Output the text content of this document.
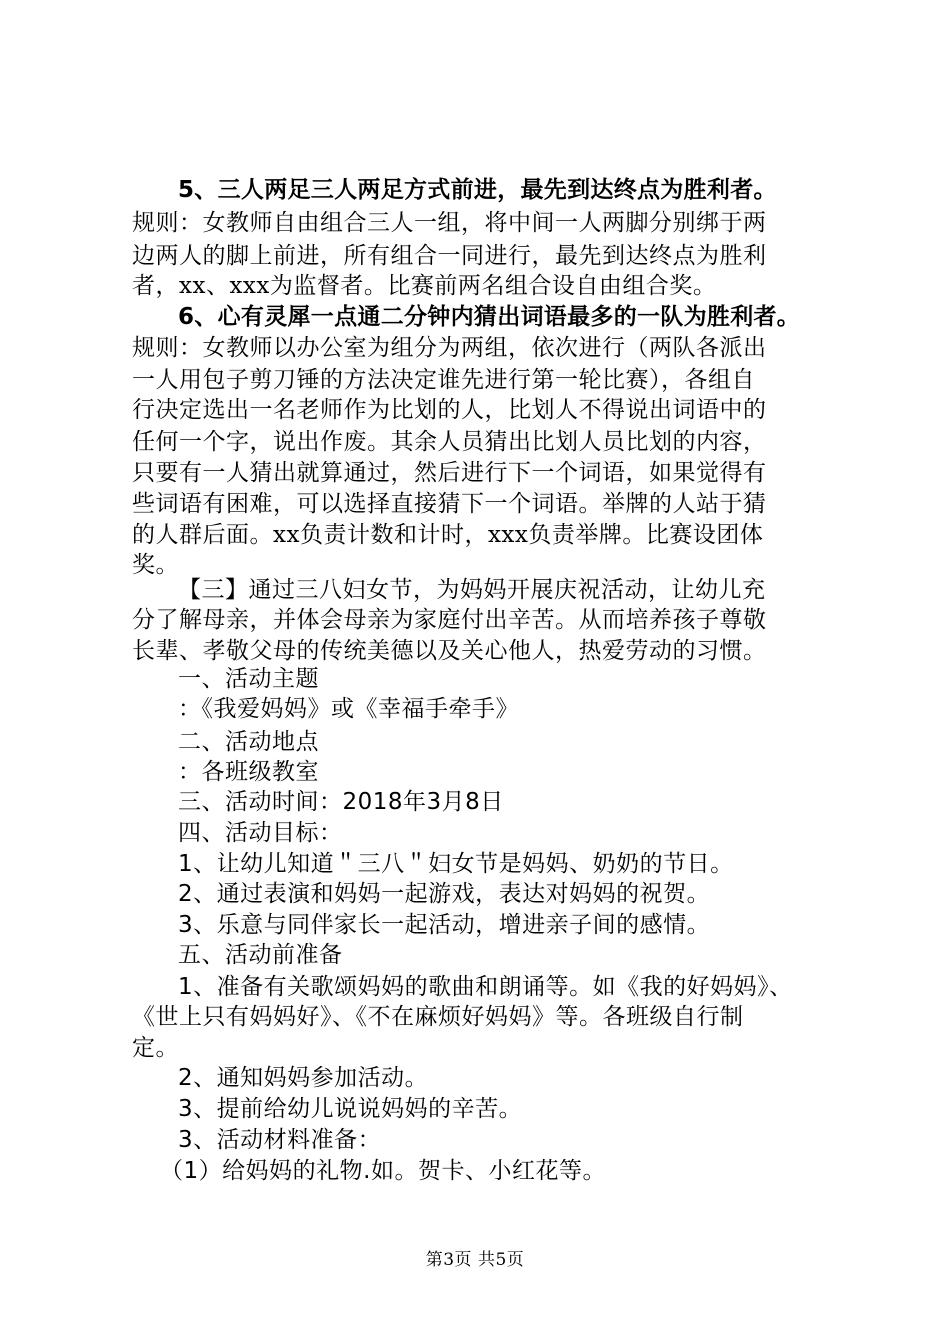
5、三人两足三人两足方式前进，最先到达终点为胜利者。
规则：女教师自由组合三人一组，将中间一人两脚分别绑于两
边两人的脚上前进，所有组合一同进行，最先到达终点为胜利
者，xx、xxx为监督者。比赛前两名组合设自由组合奖。
6、心有灵犀一点通二分钟内猜出词语最多的一队为胜利者。
规则：女教师以办公室为组分为两组，依次进行（两队各派出
一人用包子剪刀锤的方法决定谁先进行第一轮比赛），各组自
行决定选出一名老师作为比划的人，比划人不得说出词语中的
任何一个字，说出作废。其余人员猜出比划人员比划的内容，
只要有一人猜出就算通过，然后进行下一个词语，如果觉得有
些词语有困难，可以选择直接猜下一个词语。举牌的人站于猜
的人群后面。xx负责计数和计时，xxx负责举牌。比赛设团体
奖。
【三】通过三八妇女节，为妈妈开展庆祝活动，让幼儿充
分了解母亲，并体会母亲为家庭付出辛苦。从而培养孩子尊敬
长辈、孝敬父母的传统美德以及关心他人，热爱劳动的习惯。
一、活动主题
：《我爱妈妈》或《幸福手牵手》
二、活动地点
：各班级教室
三、活动时间：2018年3月8日
四、活动目标：
1、让幼儿知道＂三八＂妇女节是妈妈、奶奶的节日。
2、通过表演和妈妈一起游戏，表达对妈妈的祝贺。
3、乐意与同伴家长一起活动，增进亲子间的感情。
五、活动前准备
1、准备有关歌颂妈妈的歌曲和朗诵等。如《我的好妈妈》、
《世上只有妈妈好》、《不在麻烦好妈妈》等。各班级自行制
定。
2、通知妈妈参加活动。
3、提前给幼儿说说妈妈的辛苦。
3、活动材料准备：
（1）给妈妈的礼物.如。贺卡、小红花等。
第3页 共5页
